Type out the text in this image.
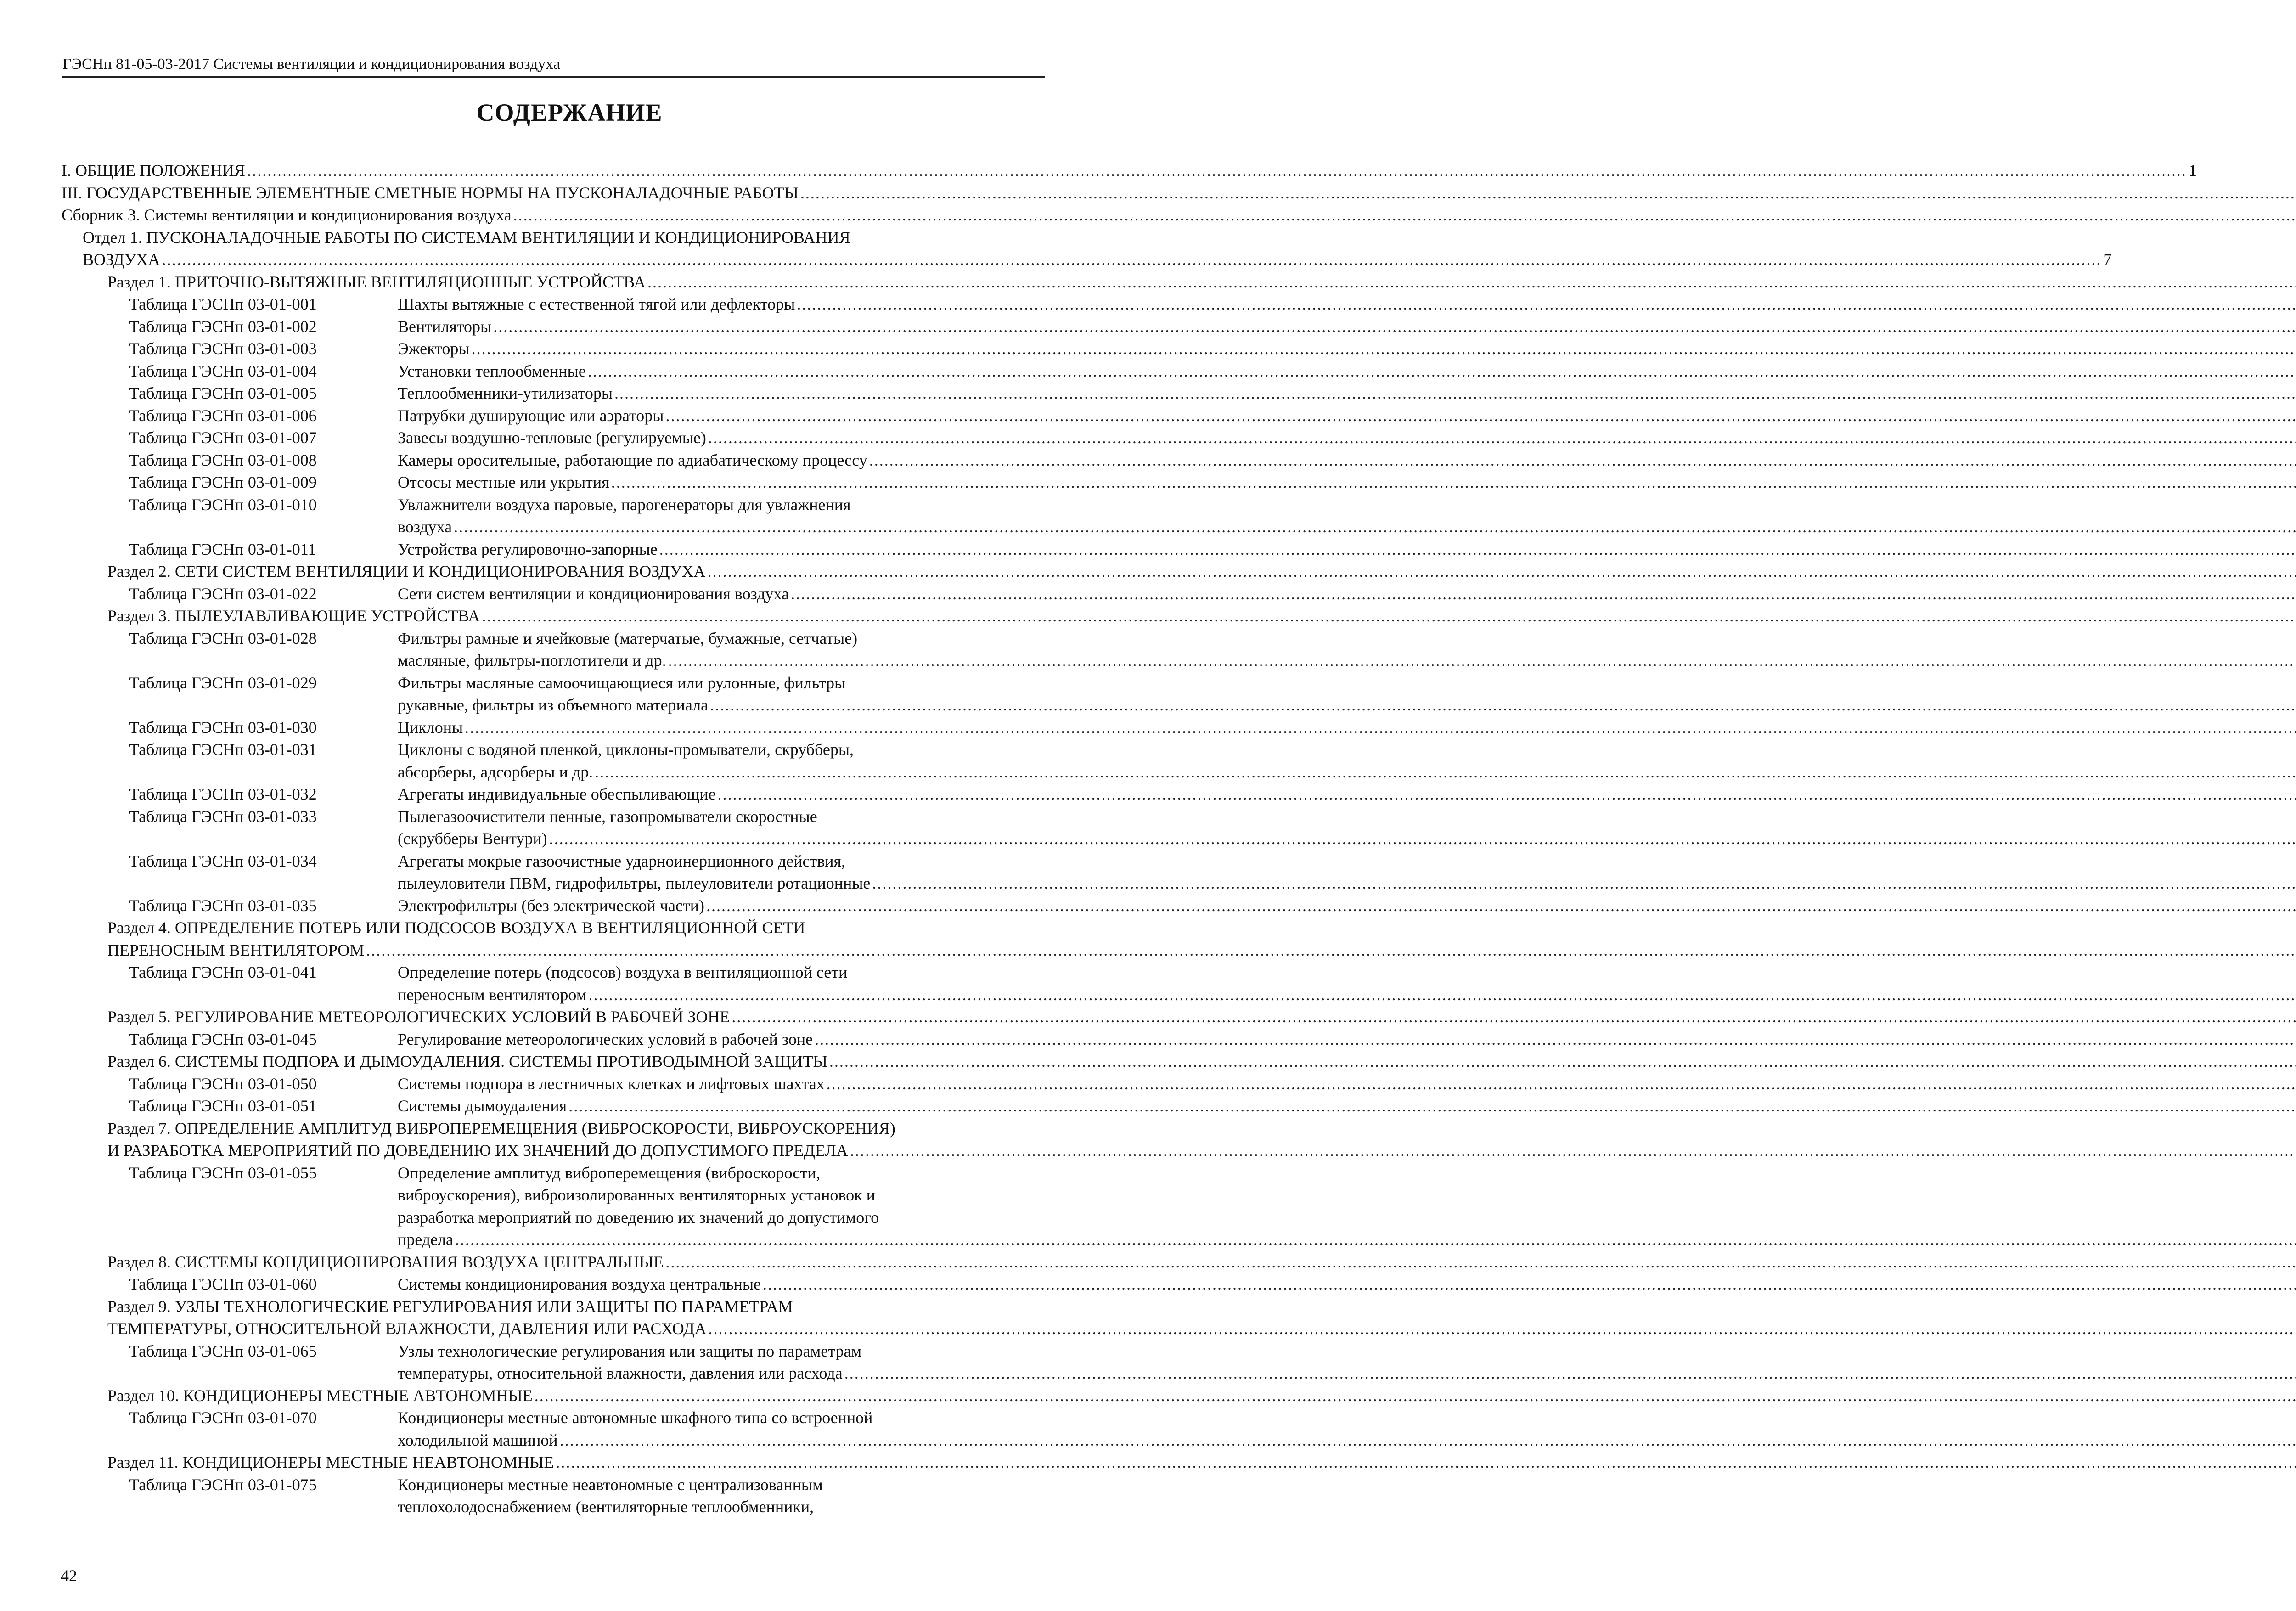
ГЭСНп 81-05-03-2017 Системы вентиляции и кондиционирования воздуха
СОДЕРЖАНИЕ
I. ОБЩИЕ ПОЛОЖЕНИЯ .....	1
III. ГОСУДАРСТВЕННЫЕ ЭЛЕМЕНТНЫЕ СМЕТНЫЕ НОРМЫ НА ПУСКОНАЛАДОЧНЫЕ РАБОТЫ
.....
Сборник 3. Системы вентиляции и кондиционирования воздуха
.....
Отдел 1. ПУСКОНАЛАДОЧНЫЕ РАБОТЫ ПО СИСТЕМАМ ВЕНТИЛЯЦИИ И КОНДИЦИОНИРОВАНИЯ
ВОЗДУХА .....	7
Раздел 1. ПРИТОЧНО-ВЫТЯЖНЫЕ ВЕНТИЛЯЦИОННЫЕ УСТРОЙСТВА
.....
Таблица ГЭСНп 03-01-001	Шахты вытяжные с естественной тягой или дефлекторы
.....
Таблица ГЭСНп 03-01-002	Вентиляторы
.....
Таблица ГЭСНп 03-01-003	Эжекторы
.....
Таблица ГЭСНп 03-01-004	Установки теплообменные
.....
Таблица ГЭСНп 03-01-005	Теплообменники-утилизаторы
.....
Таблица ГЭСНп 03-01-006	Патрубки душирующие или аэраторы
.....
Таблица ГЭСНп 03-01-007	Завесы воздушно-тепловые (регулируемые)
.....
Таблица ГЭСНп 03-01-008	Камеры оросительные, работающие по адиабатическому процессу
.....
Таблица ГЭСНп 03-01-009	Отсосы местные или укрытия
.....
Таблица ГЭСНп 03-01-010	Увлажнители воздуха паровые, парогенераторы для увлажнения
воздуха
.....
Таблица ГЭСНп 03-01-011	Устройства регулировочно-запорные
.....
Раздел 2. СЕТИ СИСТЕМ ВЕНТИЛЯЦИИ И КОНДИЦИОНИРОВАНИЯ ВОЗДУХА
.....
Таблица ГЭСНп 03-01-022	Сети систем вентиляции и кондиционирования воздуха
.....
Раздел 3. ПЫЛЕУЛАВЛИВАЮЩИЕ УСТРОЙСТВА
.....
Таблица ГЭСНп 03-01-028	Фильтры рамные и ячейковые (матерчатые, бумажные, сетчатые)
масляные, фильтры-поглотители и др.
.....
Таблица ГЭСНп 03-01-029	Фильтры масляные самоочищающиеся или рулонные, фильтры
рукавные, фильтры из объемного материала
.....
Таблица ГЭСНп 03-01-030	Циклоны
.....
Таблица ГЭСНп 03-01-031	Циклоны с водяной пленкой, циклоны-промыватели, скрубберы,
абсорберы, адсорберы и др.
.....
Таблица ГЭСНп 03-01-032	Агрегаты индивидуальные обеспыливающие
.....
Таблица ГЭСНп 03-01-033	Пылегазоочистители пенные, газопромыватели скоростные
(скрубберы Вентури)
.....
Таблица ГЭСНп 03-01-034	Агрегаты мокрые газоочистные ударноинерционного действия,
пылеуловители ПВМ, гидрофильтры, пылеуловители ротационные
.....
Таблица ГЭСНп 03-01-035	Электрофильтры (без электрической части)
.....
Раздел 4. ОПРЕДЕЛЕНИЕ ПОТЕРЬ ИЛИ ПОДСОСОВ ВОЗДУХА В ВЕНТИЛЯЦИОННОЙ СЕТИ
ПЕРЕНОСНЫМ ВЕНТИЛЯТОРОМ
.....
Таблица ГЭСНп 03-01-041	Определение потерь (подсосов) воздуха в вентиляционной сети
переносным вентилятором
.....
Раздел 5. РЕГУЛИРОВАНИЕ МЕТЕОРОЛОГИЧЕСКИХ УСЛОВИЙ В РАБОЧЕЙ ЗОНЕ
.....
Таблица ГЭСНп 03-01-045	Регулирование метеорологических условий в рабочей зоне
.....
Раздел 6. СИСТЕМЫ ПОДПОРА И ДЫМОУДАЛЕНИЯ. СИСТЕМЫ ПРОТИВОДЫМНОЙ ЗАЩИТЫ
.....
Таблица ГЭСНп 03-01-050	Системы подпора в лестничных клетках и лифтовых шахтах
.....
Таблица ГЭСНп 03-01-051	Системы дымоудаления
.....
Раздел 7. ОПРЕДЕЛЕНИЕ АМПЛИТУД ВИБРОПЕРЕМЕЩЕНИЯ (ВИБРОСКОРОСТИ, ВИБРОУСКОРЕНИЯ)
И РАЗРАБОТКА МЕРОПРИЯТИЙ ПО ДОВЕДЕНИЮ ИХ ЗНАЧЕНИЙ ДО ДОПУСТИМОГО ПРЕДЕЛА
.....
Таблица ГЭСНп 03-01-055	Определение амплитуд виброперемещения (виброскорости,
виброускорения), виброизолированных вентиляторных установок и
разработка мероприятий по доведению их значений до допустимого
предела
.....
Раздел 8. СИСТЕМЫ КОНДИЦИОНИРОВАНИЯ ВОЗДУХА ЦЕНТРАЛЬНЫЕ
.....
Таблица ГЭСНп 03-01-060	Системы кондиционирования воздуха центральные
.....
Раздел 9. УЗЛЫ ТЕХНОЛОГИЧЕСКИЕ РЕГУЛИРОВАНИЯ ИЛИ ЗАЩИТЫ ПО ПАРАМЕТРАМ
ТЕМПЕРАТУРЫ, ОТНОСИТЕЛЬНОЙ ВЛАЖНОСТИ, ДАВЛЕНИЯ ИЛИ РАСХОДА
.....
Таблица ГЭСНп 03-01-065	Узлы технологические регулирования или защиты по параметрам
температуры, относительной влажности, давления или расхода
.....
Раздел 10. КОНДИЦИОНЕРЫ МЕСТНЫЕ АВТОНОМНЫЕ
.....
Таблица ГЭСНп 03-01-070	Кондиционеры местные автономные шкафного типа со встроенной
холодильной машиной
.....
Раздел 11. КОНДИЦИОНЕРЫ МЕСТНЫЕ НЕАВТОНОМНЫЕ
.....
Таблица ГЭСНп 03-01-075	Кондиционеры местные неавтономные с централизованным
теплохолодоснабжением (вентиляторные теплообменники,
42
